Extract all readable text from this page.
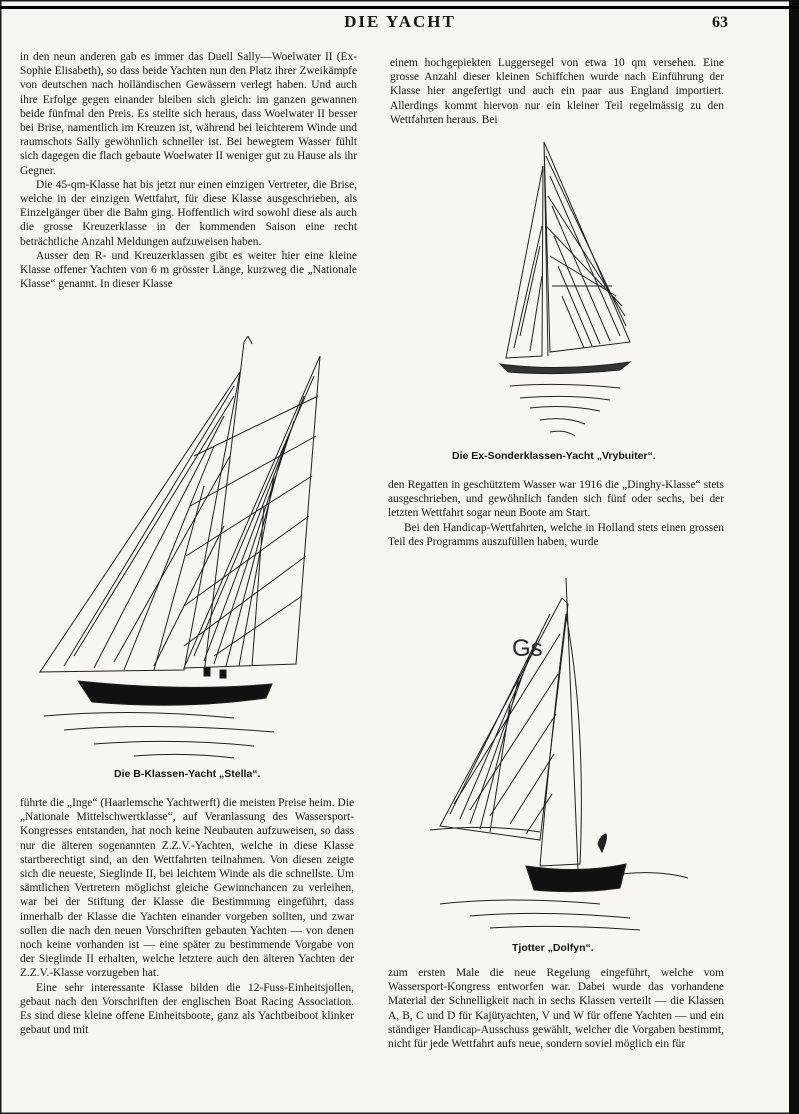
DIE YACHT	63

in den neun anderen gab es immer das Duell Sally—Woelwater II (Ex-Sophie Elisabeth), so dass beide Yachten nun den Platz ihrer Zweikämpfe von deutschen nach holländischen Gewässern verlegt haben. Und auch ihre Erfolge gegen einander bleiben sich gleich: im ganzen gewannen beide fünfmal den Preis. Es stellte sich heraus, dass Woelwater II besser bei Brise, namentlich im Kreuzen ist, während bei leichterem Winde und raumschots Sally gewöhnlich schneller ist. Bei bewegtem Wasser fühlt sich dagegen die flach gebaute Woelwater II weniger gut zu Hause als ihr Gegner.

Die 45-qm-Klasse hat bis jetzt nur einen einzigen Vertreter, die Brise, welche in der einzigen Wettfahrt, für diese Klasse ausgeschrieben, als Einzelgänger über die Bahn ging. Hoffentlich wird sowohl diese als auch die grosse Kreuzerklasse in der kommenden Saison eine recht beträchtliche Anzahl Meldungen aufzuweisen haben.

Ausser den R- und Kreuzerklassen gibt es weiter hier eine kleine Klasse offener Yachten von 6 m grösster Länge, kurzweg die „Nationale Klasse“ genannt. In dieser Klasse

einem hochgepiekten Luggersegel von etwa 10 qm versehen. Eine grosse Anzahl dieser kleinen Schiffchen wurde nach Einführung der Klasse hier angefertigt und auch ein paar aus England importiert. Allerdings kommt hiervon nur ein kleiner Teil regelmässig zu den Wettfahrten heraus. Bei

Die Ex-Sonderklassen-Yacht „Vrybuiter“.
Die B-Klassen-Yacht „Stella“.

den Regatten in geschütztem Wasser war 1916 die „Dinghy-Klasse“ stets ausgeschrieben, und gewöhnlich fanden sich fünf oder sechs, bei der letzten Wettfahrt sogar neun Boote am Start.

Bei den Handicap-Wettfahrten, welche in Holland stets einen grossen Teil des Programms auszufüllen haben, wurde

Gs
Tjotter „Dolfyn“.

führte die „Inge“ (Haarlemsche Yachtwerft) die meisten Preise heim. Die „Nationale Mittelschwertklasse“, auf Veranlassung des Wassersport-Kongresses entstanden, hat noch keine Neubauten aufzuweisen, so dass nur die älteren sogenannten Z.Z.V.-Yachten, welche in diese Klasse startberechtigt sind, an den Wettfahrten teilnahmen. Von diesen zeigte sich die neueste, Sieglinde II, bei leichtem Winde als die schnellste. Um sämtlichen Vertretern möglichst gleiche Gewinnchancen zu verleihen, war bei der Stiftung der Klasse die Bestimmung eingeführt, dass innerhalb der Klasse die Yachten einander vorgeben sollten, und zwar sollen die nach den neuen Vorschriften gebauten Yachten — von denen noch keine vorhanden ist — eine später zu bestimmende Vorgabe von der Sieglinde II erhalten, welche letztere auch den älteren Yachten der Z.Z.V.-Klasse vorzugeben hat.

Eine sehr interessante Klasse bilden die 12-Fuss-Einheitsjollen, gebaut nach den Vorschriften der englischen Boat Racing Association. Es sind diese kleine offene Einheitsboote, ganz als Yachtbeiboot klinker gebaut und mit

zum ersten Male die neue Regelung eingeführt, welche vom Wassersport-Kongress entworfen war. Dabei wurde das vorhandene Material der Schnelligkeit nach in sechs Klassen verteilt — die Klassen A, B, C und D für Kajütyachten, V und W für offene Yachten — und ein ständiger Handicap-Ausschuss gewählt, welcher die Vorgaben bestimmt, nicht für jede Wettfahrt aufs neue, sondern soviel möglich ein für
